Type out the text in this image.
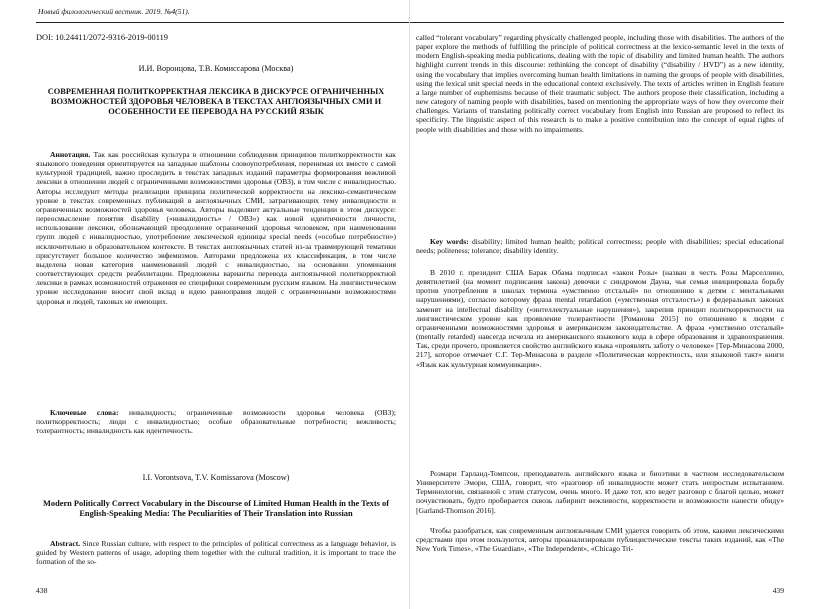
Новый филологический вестник. 2019. №4(51).
DOI: 10.24411/2072-9316-2019-00119
И.И. Воронцова, Т.В. Комиссарова (Москва)
СОВРЕМЕННАЯ ПОЛИТКОРРЕКТНАЯ ЛЕКСИКА В ДИСКУРСЕ ОГРАНИЧЕННЫХ ВОЗМОЖНОСТЕЙ ЗДОРОВЬЯ ЧЕЛОВЕКА В ТЕКСТАХ АНГЛОЯЗЫЧНЫХ СМИ И ОСОБЕННОСТИ ЕЕ ПЕРЕВОДА НА РУССКИЙ ЯЗЫК
Аннотация. Так как российская культура в отношении соблюдения принципов политкорректности как языкового поведения ориентируется на западные шаблоны словоупотребления, перенимая их вместе с самой культурной традицией, важно проследить в текстах западных изданий параметры формирования вежливой лексики в отношении людей с ограниченными возможностями здоровья (ОВЗ), в том числе с инвалидностью. Авторы исследуют методы реализации принципа политической корректности на лексико-семантическом уровне в текстах современных публикаций в англоязычных СМИ, затрагивающих тему инвалидности и ограниченных возможностей здоровья человека. Авторы выделяют актуальные тенденции в этом дискурсе: переосмысление понятия disability («инвалидность» / ОВЗ») как новой идентичности личности, использование лексики, обозначающей преодоление ограничений здоровья человеком, при наименовании групп людей с инвалидностью, употребление лексической единицы special needs («особые потребности») исключительно в образовательном контексте. В текстах англоязычных статей из-за травмирующей тематики присутствует большое количество эвфемизмов. Авторами предложена их классификация, в том числе выделена новая категория наименований людей с инвалидностью, на основании упоминания соответствующих средств реабилитации. Предложены варианты перевода англоязычной политкорректной лексики в рамках возможностей отражения ее специфики современным русским языком. На лингвистическом уровне исследование вносит свой вклад в идею равноправия людей с ограниченными возможностями здоровья и людей, таковых не имеющих.
Ключевые слова: инвалидность; ограниченные возможности здоровья человека (ОВЗ); политкорректность; люди с инвалидностью; особые образовательные потребности; вежливость; толерантность; инвалидность как идентичность.
I.I. Vorontsova, T.V. Komissarova (Moscow)
Modern Politically Correct Vocabulary in the Discourse of Limited Human Health in the Texts of English-Speaking Media: The Peculiarities of Their Translation into Russian
Abstract. Since Russian culture, with respect to the principles of political correctness as a language behavior, is guided by Western patterns of usage, adopting them together with the cultural tradition, it is important to trace the formation of the so-
438
called “tolerant vocabulary” regarding physically challenged people, including those with disabilities. The authors of the paper explore the methods of fulfilling the principle of political correctness at the lexico-semantic level in the texts of modern English-speaking media publications, dealing with the topic of disability and limited human health. The authors highlight current trends in this discourse: rethinking the concept of disability (“disability / HVD”) as a new identity, using the vocabulary that implies overcoming human health limitations in naming the groups of people with disabilities, using the lexical unit special needs in the educational context exclusively. The texts of articles written in English feature a large number of euphemisms because of their traumatic subject. The authors propose their classification, including a new category of naming people with disabilities, based on mentioning the appropriate ways of how they overcome their challenges. Variants of translating politically correct vocabulary from English into Russian are proposed to reflect its specificity. The linguistic aspect of this research is to make a positive contribution into the concept of equal rights of people with disabilities and those with no impairments.
Key words: disability; limited human health; political correctness; people with disabilities; special educational needs; politeness; tolerance; disability identity.
В 2010 г. президент США Барак Обама подписал «закон Розы» (назван в честь Розы Марселлино, девятилетней (на момент подписания закона) девочки с синдромом Дауна, чья семья инициировала борьбу против употребления в школах термина «умственно отсталый» по отношению к детям с ментальными нарушениями), согласно которому фраза mental retardation («умственная отсталость») в федеральных законах заменят на intellectual disability («интеллектуальные нарушения»), закрепив принцип политкорректности на лингвистическом уровне как проявление толерантности [Романова 2015] по отношению к людям с ограниченными возможностями здоровья в американском законодательстве. А фраза «умственно отсталый» (mentally retarded) навсегда исчезла из американского языкового кода в сфере образования и здравоохранения. Так, среди прочего, проявляется свойство английского языка «проявлять заботу о человеке» [Тер-Минасова 2000, 217], которое отмечает С.Г. Тер-Минасова в разделе «Политическая корректность, или языковой такт» книги «Язык как культурная коммуникация».
Розмари Гарланд-Томпсон, преподаватель английского языка и биоэтики в частном исследовательском Университете Эмори, США, говорит, что «разговор об инвалидности может стать непростым испытанием. Терминологии, связанной с этим статусом, очень много. И даже тот, кто ведет разговор с благой целью, может почувствовать, будто пробирается сквозь лабиринт вежливости, корректности и возможности нанести обиду» [Garland-Thomson 2016].
Чтобы разобраться, как современным англоязычным СМИ удается говорить об этом, какими лексическими средствами при этом пользуются, авторы проанализировали публицистические тексты таких изданий, как «The New York Times», «The Guardian», «The Independent», «Chicago Tri-
439
